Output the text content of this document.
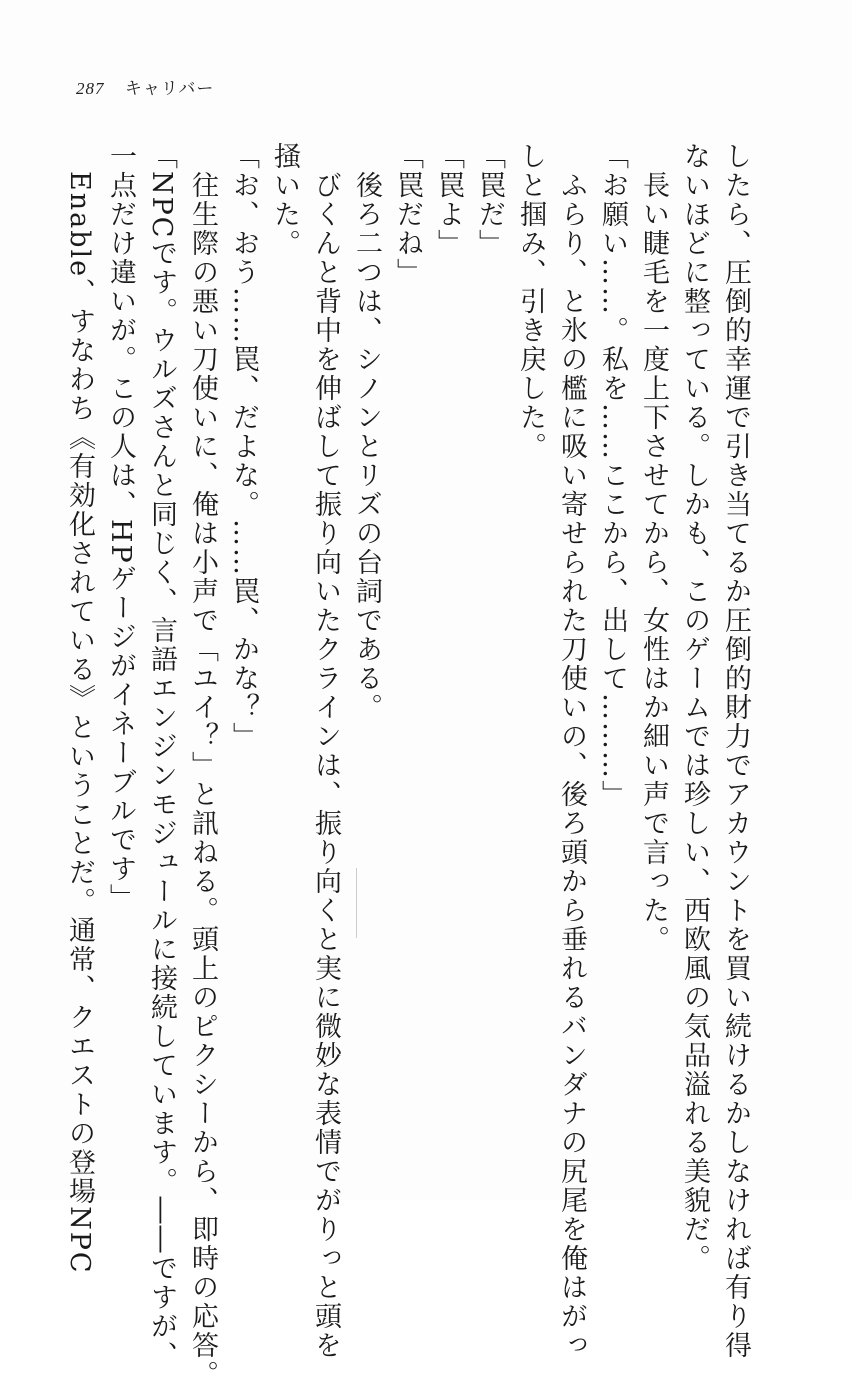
287 キャリバー
したら、圧倒的幸運で引き当てるか圧倒的財力でアカウントを買い続けるかしなければ有り得
ないほどに整っている。しかも、このゲームでは珍しい、西欧風の気品溢れる美貌だ。
　長い睫毛を一度上下させてから、女性はか細い声で言った。
「お願い……。私を……ここから、出して………」
　ふらり、と氷の檻に吸い寄せられた刀使いの、後ろ頭から垂れるバンダナの尻尾を俺はがっ
しと掴み、引き戻した。
「罠だ」
「罠よ」
「罠だね」
　後ろ二つは、シノンとリズの台詞である。
　びくんと背中を伸ばして振り向いたクラインは、振り向くと実に微妙な表情でがりっと頭を
掻いた。
「お、おう……罠、だよな。……罠、かな？」
　往生際の悪い刀使いに、俺は小声で「ユイ？」と訊ねる。頭上のピクシーから、即時の応答。
「NPCです。ウルズさんと同じく、言語エンジンモジュールに接続しています。――ですが、
一点だけ違いが。この人は、HPゲージがイネーブルです」
　Enable、すなわち《有効化されている》ということだ。通常、クエストの登場NPC
